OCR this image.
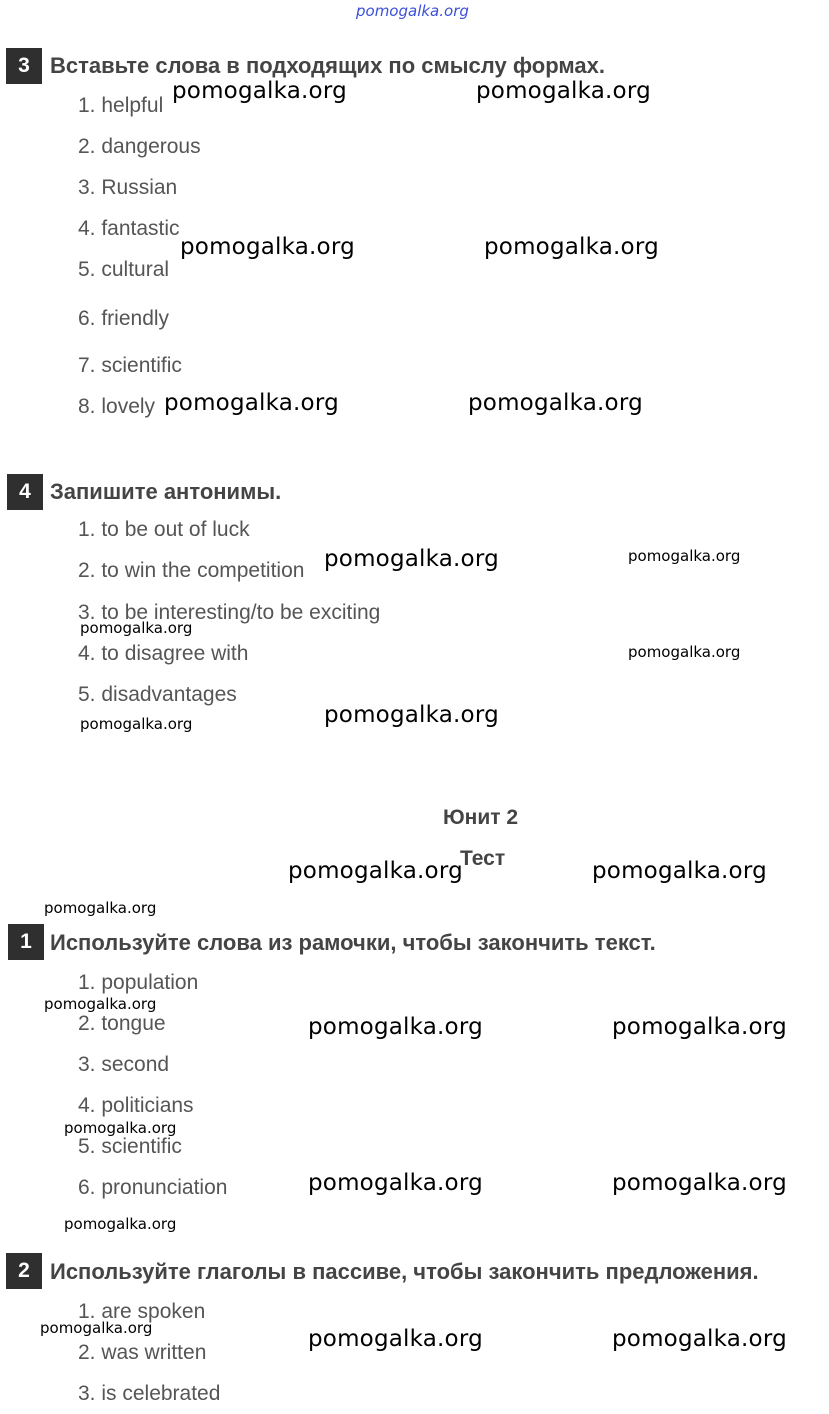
pomogalka.org
3 Вставьте слова в подходящих по смыслу формах.
1. helpful
2. dangerous
3. Russian
4. fantastic
5. cultural
6. friendly
7. scientific
8. lovely
4 Запишите антонимы.
1. to be out of luck
2. to win the competition
3. to be interesting/to be exciting
4. to disagree with
5. disadvantages
Юнит 2
Тест
1 Используйте слова из рамочки, чтобы закончить текст.
1. population
2. tongue
3. second
4. politicians
5. scientific
6. pronunciation
2 Используйте глаголы в пассиве, чтобы закончить предложения.
1. are spoken
2. was written
3. is celebrated
pomogalka.org	pomogalka.org
pomogalka.org	pomogalka.org
pomogalka.org	pomogalka.org
pomogalka.org
pomogalka.org
pomogalka.org	pomogalka.org
pomogalka.org	pomogalka.org
pomogalka.org	pomogalka.org
pomogalka.org	pomogalka.org
pomogalka.org
pomogalka.org
pomogalka.org
pomogalka.org
pomogalka.org
pomogalka.org
pomogalka.org
pomogalka.org
pomogalka.org
